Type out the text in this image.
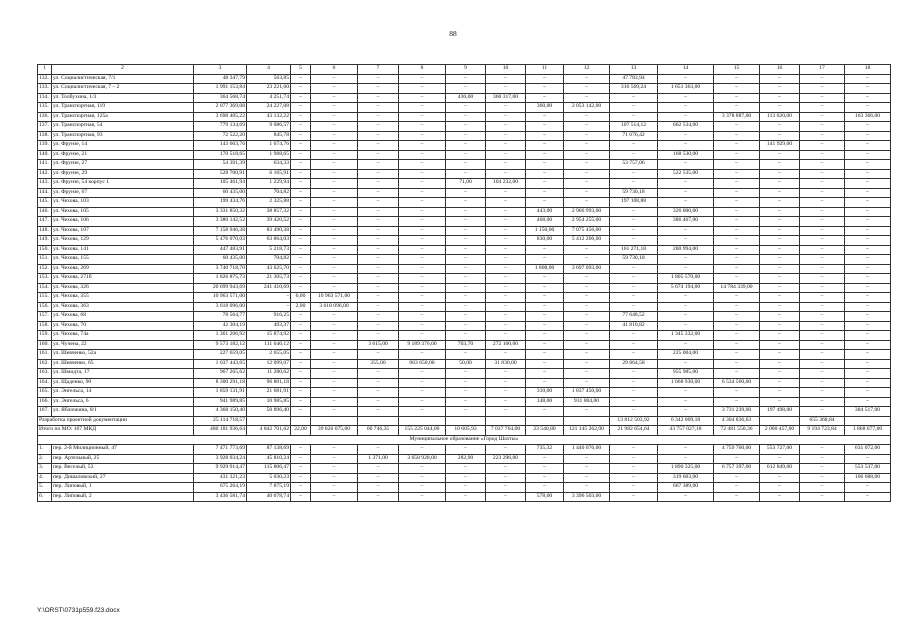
88
1	2	3	4	5	6	7	8	9	10	11	12	13	14	15	16	17	18
132.	ул. Социалистическая, 7/1	48 347,79	563,85	–	–	–	–	–	–	–	–	47 783,94	–	–	–	–	–
133.	ул. Социалистическая, 7 – 2	1 991 153,84	23 221,60	–	–	–	–	–	–	–	–	316 569,24	1 651 363,00	–	–	–	–
134.	ул. Толбухина, 1/3	364 568,74	4 251,74	–	–	–	–	430,00	360 317,00	–	–	–	–	–	–	–	–
135.	ул. Транспортная, 119	2 077 369,08	24 227,08	–	–	–	–	–	–	360,00	2 053 142,00	–	–	–	–	–	–
136.	ул. Транспортная, 125а	3 698 405,22	43 132,22	–	–	–	–	–	–	–	–	–	–	3 378 887,00	113 020,00	–	163 366,00
137.	ул. Транспортная, 54	779 134,69	9 086,57	–	–	–	–	–	–	–	–	107 514,12	662 534,00	–	–	–	–
138.	ул. Транспортная, 93	72 522,20	845,78	–	–	–	–	–	–	–	–	71 676,42	–	–	–	–	–
139.	ул. Фрунзе, 14	143 603,76	1 674,76	–	–	–	–	–	–	–	–	–	–	–	141 929,00	–	–
140.	ул. Фрунзе, 21	170 518,65	1 988,65	–	–	–	–	–	–	–	–	–	168 530,00	–	–	–	–
141.	ул. Фрунзе, 27	54 391,39	634,33	–	–	–	–	–	–	–	–	53 757,06	–	–	–	–	–
142.	ул. Фрунзе, 29	528 700,91	6 165,91	–	–	–	–	–	–	–	–	–	522 535,00	–	–	–	–
143.	ул. Фрунзе, 54 корпус 1	105 461,94	1 229,94	–	–	–	–	71,00	104 232,00	–	–	–	–	–	–	–	–
144.	ул. Фрунзе, 67	60 435,00	704,82	–	–	–	–	–	–	–	–	59 730,18	–	–	–	–	–
145.	ул. Чехова, 103	199 434,76	2 325,88	–	–	–	–	–	–	–	–	197 108,88	–	–	–	–	–
146.	ул. Чехова, 105	3 331 850,32	38 857,32	–	–	–	–	–	–	443,00	2 966 993,00	–	326 000,00	–	–	–	–
147.	ул. Чехова, 106	3 380 142,52	39 420,52	–	–	–	–	–	–	468,00	2 954 255,00	–	386 467,00	–	–	–	–
148.	ул. Чехова, 107	7 158 946,38	83 490,38	–	–	–	–	–	–	1 150,00	7 075 456,00	–	–	–	–	–	–
149.	ул. Чехова, 129	5 476 070,03	63 864,03	–	–	–	–	–	–	830,00	5 412 206,00	–	–	–	–	–	–
150.	ул. Чехова, 141	447 483,91	5 218,73	–	–	–	–	–	–	–	–	161 271,18	280 994,00	–	–	–	–
151.	ул. Чехова, 155	60 435,00	704,82	–	–	–	–	–	–	–	–	59 730,18	–	–	–	–	–
152.	ул. Чехова, 269	3 740 718,70	43 625,70	–	–	–	–	–	–	1 808,00	3 697 093,00	–	–	–	–	–	–
153.	ул. Чехова, 271б	1 826 875,73	21 305,73	–	–	–	–	–	–	–	–	–	1 805 570,00	–	–	–	–
154.	ул. Чехова, 326	20 699 943,69	241 410,69	–	–	–	–	–	–	–	–	–	5 674 194,00	14 784 339,00	–	–	–
155.	ул. Чехова, 355	10 963 571,00	–	6,00	10 963 571,00	–	–	–	–	–	–	–	–	–	–	–	–
156.	ул. Чехова, 363	3 618 096,00	–	2,00	3 618 096,00	–	–	–	–	–	–	–	–	–	–	–	–
157.	ул. Чехова, 68	78 564,77	916,25	–	–	–	–	–	–	–	–	77 648,52	–	–	–	–	–
158.	ул. Чехова, 70	42 304,19	493,37	–	–	–	–	–	–	–	–	41 810,82	–	–	–	–	–
159.	ул. Чехова, 74а	1 361 206,92	15 874,92	–	–	–	–	–	–	–	–	–	1 345 332,00	–	–	–	–
160.	ул. Чучена, 22	9 573 182,12	111 646,12	–	–	3 615,00	9 189 376,00	703,70	272 160,00	–	–	–	–	–	–	–	–
161.	ул. Шевченко, 52а	227 659,05	2 655,05	–	–	–	–	–	–	–	–	–	225 004,00	–	–	–	–
162.	ул. Шевченко, 65	1 037 443,65	12 099,07	–	–	355,00	963 650,00	50,00	31 830,00	–	–	29 864,58	–	–	–	–	–
163.	ул. Шмидта, 17	967 265,62	11 280,62	–	–	–	–	–	–	–	–	–	955 985,00	–	–	–	–
164.	ул. Щаденко, 90	8 300 291,18	96 801,18	–	–	–	–	–	–	–	–	–	1 668 930,00	6 534 560,00	–	–	–
165.	ул. Энгельса, 14	1 859 131,91	21 681,91	–	–	–	–	–	–	310,00	1 837 450,00	–	–	–	–	–	–
166.	ул. Энгельса, 6	941 989,85	10 985,85	–	–	–	–	–	–	148,00	931 004,00	–	–	–	–	–	–
167.	ул. Яблочкина, 8/1	4 368 150,40	50 896,40	–	–	–	–	–	–	–	–	–	–	3 731 239,00	197 498,00	–	384 517,00
Разработка проектной документации		25 114 718,57										13 812 503,92	6 342 009,18	4 304 836,63		655 368,84	
Итого по МО: 167 МКД		480 181 936,64	4 842 701,62	22,00	39 826 075,00	60 746,35	155 225 044,00	10 605,93	7 037 764,00	23 540,80	121 145 262,00	21 982 654,64	43 757 027,18	72 481 550,36	2 060 457,00	9 194 723,84	1 868 677,00
Муниципальное образование «Город Шахты»																	
1.	пер. 2-й Милиционный, 47	7 471 773,69	87 138,69	–	–	–	–	–	–	735,32	1 440 076,00	–	–	4 759 760,00	553 727,00	–	631 072,00
2.	пер. Артельный, 25	3 928 034,24	45 810,24	–	–	1 371,00	3 658 928,00	282,90	223 296,00	–	–	–	–	–	–	–	–
3.	пер. Веселый, 53	9 929 914,47	115 806,47	–	–	–	–	–	–	–	–	–	1 890 325,00	6 757 397,00	612 849,00	–	553 537,00
4.	пер. Дишаловский, 27	431 321,23	5 030,23	–	–	–	–	–	–	–	–	–	319 603,00	–	–	–	106 688,00
5.	пер. Липовый, 1	675 264,19	7 875,19	–	–	–	–	–	–	–	–	–	667 389,00	–	–	–	–
6.	пер. Липовый, 2	3 436 581,74	40 078,74	–	–	–	–	–	–	578,00	3 396 503,00	–	–	–	–	–	–
Y:\ORST\0731p559.f23.docx
